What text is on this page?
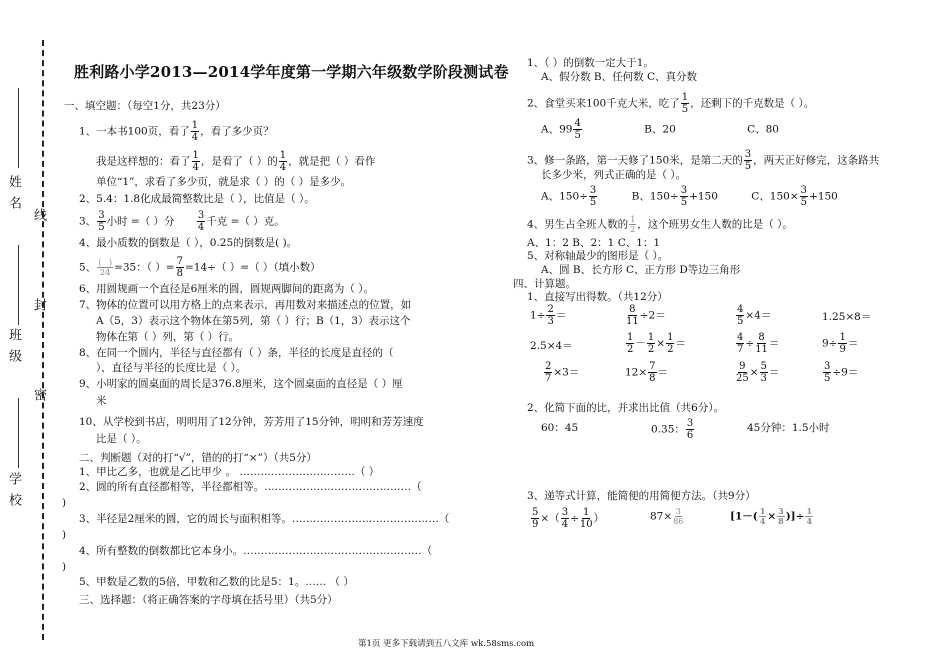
姓 名
线
班 级
封
密
学 校
胜利路小学2013—2014学年度第一学期六年级数学阶段测试卷
一、填空题：（每空1分，共23分）
1、一本书100页，看了 $\frac{1}{4}$ ，看了多少页？
我是这样想的：看了 $\frac{1}{4}$ ，是看了（ ）的 $\frac{1}{4}$ ，就是把（ ）看作
单位“1”，求看了多少页，就是求（ ）的（ ）是多少。
2、5.4：1.8化成最简整数比是（ ），比值是（ ）。
3、 $\frac{3}{5}$ 小时 =（ ）分 $\frac{3}{4}$ 千克 =（ ）克。
4、最小质数的倒数是（ ），0.25的倒数是( )。
5、 (   )
24 =35：（ ）= $\frac{7}{8} =14\div$（ ）=（ ）（填小数）
6、用圆规画一个直径是6厘米的圆，圆规两脚间的距离为（ ）。
7、物体的位置可以用方格上的点来表示，再用数对来描述点的位置，如
A（5，3）表示这个物体在第5列，第（ ）行；B（1，3）表示这个
物体在第（ ）列，第（ ）行。
8、在同一个圆内，半径与直径都有（ ）条，半径的长度是直径的（
），直径与半径的长度比是（ ）。
9、小明家的圆桌面的周长是376.8厘米，这个圆桌面的直径是（ ）厘
米
10、从学校到书店，明明用了12分钟，芳芳用了15分钟，明明和芳芳速度
比是（ ）。
二、判断题（对的打“√”，错的的打“×”）（共5分）
1、甲比乙多，也就是乙比甲少 。 ……………………………（ ）
2、圆的所有直径都相等，半径都相等。……………………………………（
)
3、半径是2厘米的圆，它的周长与面积相等。……………………………………（
)
4、所有整数的倒数都比它本身小。……………………………………………（
)
5、甲数是乙数的5倍，甲数和乙数的比是5：1。…… （ ）
三、选择题：（将正确答案的字母填在括号里）（共5分）
1、（ ）的倒数一定大于1。
A、假分数 B、任何数 C、真分数
2、食堂买来100千克大米，吃了 $\frac{1}{5}$ ，还剩下的千克数是（ ）。
A、$99 \frac{4}{5}$	B、20	C、80
3、修一条路，第一天修了150米，是第二天的 $\frac{3}{5}$ ，两天正好修完，这条路共
长多少米，列式正确的是（ ）。
A、$150\div \frac{3}{5}$	B、$150\div \frac{3}{5} +150$	C、$150\times \frac{3}{5} +150$
4、男生占全班人数的 $\frac{1}{2}$ ，这个班男女生人数的比是（ ）。
A、1：2 B、2：1 C、1：1
5、对称轴最少的图形是（ ）。
A、圆 B、长方形 C、正方形 D等边三角形
四、计算题。
1、直接写出得数。（共12分）
$1\div \frac{2}{3}$ ＝	$\frac{8}{11} \div 2=$	$\frac{4}{5} \times 4=$	1.25×8＝
2.5×4＝	$\frac{1}{2} - \frac{1}{2} \times \frac{1}{2}$ ＝	$\frac{4}{7} \div \frac{8}{11}$ ＝	$9\div \frac{1}{9}$ ＝
$\frac{2}{7} \times 3=$	$12\times \frac{7}{8}$ ＝	$\frac{9}{25} \times \frac{5}{3}$ ＝	$\frac{3}{5} \div 9=$
2、化简下面的比，并求出比值（共6分）。
60：45	0.35： $\frac{3}{6}$	45分钟：1.5小时
3、递等式计算，能简便的用简便方法。（共9分）
$\frac{5}{9}$ ×（ $\frac{3}{4} \div \frac{1}{10}$ ）	$87\times \frac{3}{86}$	[$1-( \frac{1}{4} \times \frac{3}{8}$ )]÷ $\frac{1}{4}$
第1页 更多下载请到五八文库 wk.58sms.com
